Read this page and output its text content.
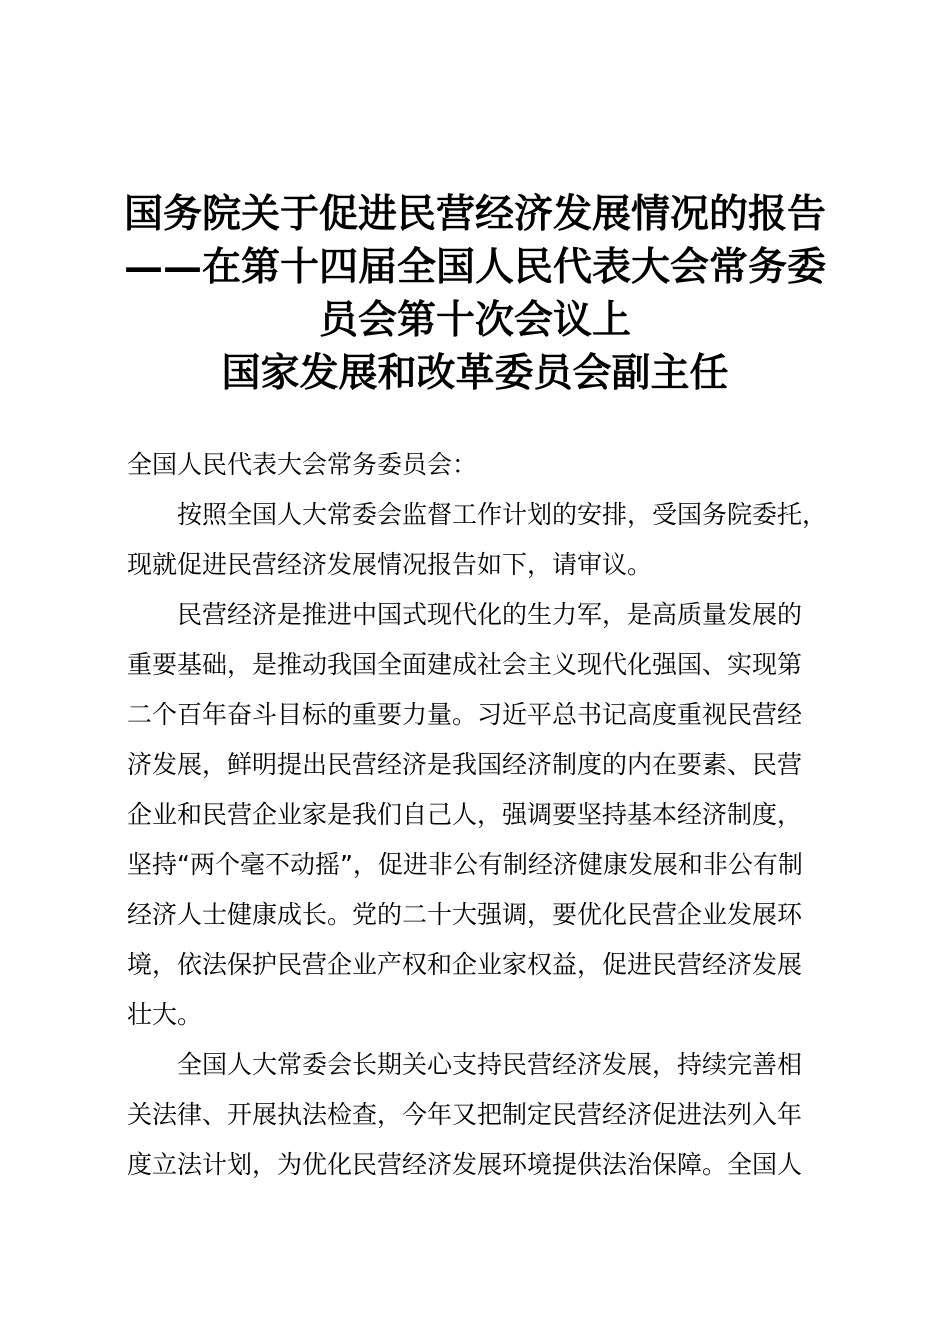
国务院关于促进民营经济发展情况的报告
——在第十四届全国人民代表大会常务委
员会第十次会议上
国家发展和改革委员会副主任
全国人民代表大会常务委员会：
按照全国人大常委会监督工作计划的安排，受国务院委托，
现就促进民营经济发展情况报告如下，请审议。
民营经济是推进中国式现代化的生力军，是高质量发展的
重要基础，是推动我国全面建成社会主义现代化强国、实现第
二个百年奋斗目标的重要力量。习近平总书记高度重视民营经
济发展，鲜明提出民营经济是我国经济制度的内在要素、民营
企业和民营企业家是我们自己人，强调要坚持基本经济制度，
坚持“两个毫不动摇”，促进非公有制经济健康发展和非公有制
经济人士健康成长。党的二十大强调，要优化民营企业发展环
境，依法保护民营企业产权和企业家权益，促进民营经济发展
壮大。
全国人大常委会长期关心支持民营经济发展，持续完善相
关法律、开展执法检查，今年又把制定民营经济促进法列入年
度立法计划，为优化民营经济发展环境提供法治保障。全国人
